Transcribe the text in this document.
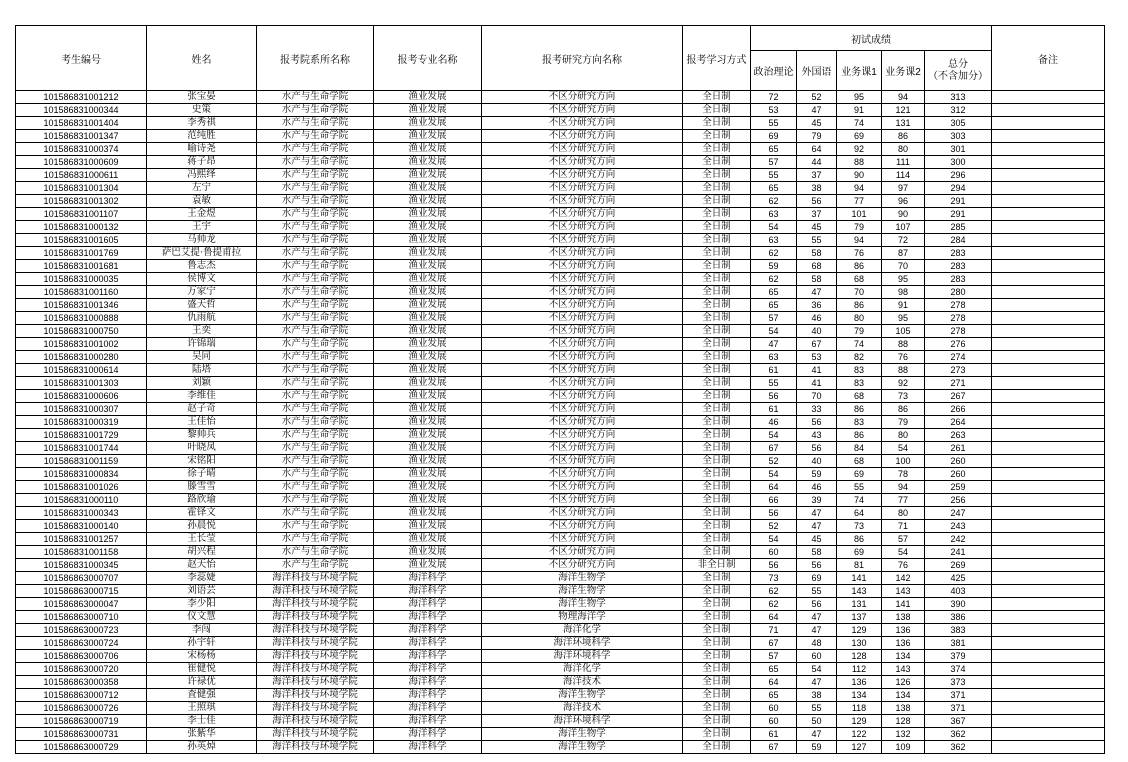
考生编号	姓名	报考院系所名称	报考专业名称	报考研究方向名称	报考学习方式	初试成绩					备注
						政治理论	外国语	业务课1	业务课2	总分
（不含加分）	
101586831001212	张宝晏	水产与生命学院	渔业发展	不区分研究方向	全日制	72	52	95	94	313	
101586831000344	史策	水产与生命学院	渔业发展	不区分研究方向	全日制	53	47	91	121	312	
101586831001404	李秀祺	水产与生命学院	渔业发展	不区分研究方向	全日制	55	45	74	131	305	
101586831001347	范纯胜	水产与生命学院	渔业发展	不区分研究方向	全日制	69	79	69	86	303	
101586831000374	喻诗尧	水产与生命学院	渔业发展	不区分研究方向	全日制	65	64	92	80	301	
101586831000609	蒋子昂	水产与生命学院	渔业发展	不区分研究方向	全日制	57	44	88	111	300	
101586831000611	冯熙绎	水产与生命学院	渔业发展	不区分研究方向	全日制	55	37	90	114	296	
101586831001304	左宁	水产与生命学院	渔业发展	不区分研究方向	全日制	65	38	94	97	294	
101586831001302	袁敏	水产与生命学院	渔业发展	不区分研究方向	全日制	62	56	77	96	291	
101586831001107	王金煜	水产与生命学院	渔业发展	不区分研究方向	全日制	63	37	101	90	291	
101586831000132	王宇	水产与生命学院	渔业发展	不区分研究方向	全日制	54	45	79	107	285	
101586831001605	马帅龙	水产与生命学院	渔业发展	不区分研究方向	全日制	63	55	94	72	284	
101586831001769	萨巴艾提·鲁提甫拉	水产与生命学院	渔业发展	不区分研究方向	全日制	62	58	76	87	283	
101586831001681	鲁志杰	水产与生命学院	渔业发展	不区分研究方向	全日制	59	68	86	70	283	
101586831000035	侯博文	水产与生命学院	渔业发展	不区分研究方向	全日制	62	58	68	95	283	
101586831001160	万家宁	水产与生命学院	渔业发展	不区分研究方向	全日制	65	47	70	98	280	
101586831001346	盛天哲	水产与生命学院	渔业发展	不区分研究方向	全日制	65	36	86	91	278	
101586831000888	仇雨航	水产与生命学院	渔业发展	不区分研究方向	全日制	57	46	80	95	278	
101586831000750	王奕	水产与生命学院	渔业发展	不区分研究方向	全日制	54	40	79	105	278	
101586831001002	许锦瑞	水产与生命学院	渔业发展	不区分研究方向	全日制	47	67	74	88	276	
101586831000280	吴同	水产与生命学院	渔业发展	不区分研究方向	全日制	63	53	82	76	274	
101586831000614	陆塔	水产与生命学院	渔业发展	不区分研究方向	全日制	61	41	83	88	273	
101586831001303	刘颖	水产与生命学院	渔业发展	不区分研究方向	全日制	55	41	83	92	271	
101586831000606	李维佳	水产与生命学院	渔业发展	不区分研究方向	全日制	56	70	68	73	267	
101586831000307	赵子奇	水产与生命学院	渔业发展	不区分研究方向	全日制	61	33	86	86	266	
101586831000319	王佳怡	水产与生命学院	渔业发展	不区分研究方向	全日制	46	56	83	79	264	
101586831001729	黎帅兵	水产与生命学院	渔业发展	不区分研究方向	全日制	54	43	86	80	263	
101586831001744	叶晓凤	水产与生命学院	渔业发展	不区分研究方向	全日制	67	56	84	54	261	
101586831001159	宋铭阳	水产与生命学院	渔业发展	不区分研究方向	全日制	52	40	68	100	260	
101586831000834	徐子晴	水产与生命学院	渔业发展	不区分研究方向	全日制	54	59	69	78	260	
101586831001026	滕雪雪	水产与生命学院	渔业发展	不区分研究方向	全日制	64	46	55	94	259	
101586831000110	路欣瑜	水产与生命学院	渔业发展	不区分研究方向	全日制	66	39	74	77	256	
101586831000343	霍铎文	水产与生命学院	渔业发展	不区分研究方向	全日制	56	47	64	80	247	
101586831000140	孙晨悦	水产与生命学院	渔业发展	不区分研究方向	全日制	52	47	73	71	243	
101586831001257	王长莹	水产与生命学院	渔业发展	不区分研究方向	全日制	54	45	86	57	242	
101586831001158	胡兴程	水产与生命学院	渔业发展	不区分研究方向	全日制	60	58	69	54	241	
101586831000345	赵天怡	水产与生命学院	渔业发展	不区分研究方向	非全日制	56	56	81	76	269	
101586863000707	李蕊婕	海洋科技与环境学院	海洋科学	海洋生物学	全日制	73	69	141	142	425	
101586863000715	刘语芸	海洋科技与环境学院	海洋科学	海洋生物学	全日制	62	55	143	143	403	
101586863000047	李少阳	海洋科技与环境学院	海洋科学	海洋生物学	全日制	62	56	131	141	390	
101586863000710	仪文慧	海洋科技与环境学院	海洋科学	物理海洋学	全日制	64	47	137	138	386	
101586863000723	李闯	海洋科技与环境学院	海洋科学	海洋化学	全日制	71	47	129	136	383	
101586863000724	孙宇轩	海洋科技与环境学院	海洋科学	海洋环境科学	全日制	67	48	130	136	381	
101586863000706	宋杨杨	海洋科技与环境学院	海洋科学	海洋环境科学	全日制	57	60	128	134	379	
101586863000720	崔健悦	海洋科技与环境学院	海洋科学	海洋化学	全日制	65	54	112	143	374	
101586863000358	许禄优	海洋科技与环境学院	海洋科学	海洋技术	全日制	64	47	136	126	373	
101586863000712	査健强	海洋科技与环境学院	海洋科学	海洋生物学	全日制	65	38	134	134	371	
101586863000726	王照琪	海洋科技与环境学院	海洋科学	海洋技术	全日制	60	55	118	138	371	
101586863000719	李士佳	海洋科技与环境学院	海洋科学	海洋环境科学	全日制	60	50	129	128	367	
101586863000731	张紫华	海洋科技与环境学院	海洋科学	海洋生物学	全日制	61	47	122	132	362	
101586863000729	孙英焯	海洋科技与环境学院	海洋科学	海洋生物学	全日制	67	59	127	109	362	
